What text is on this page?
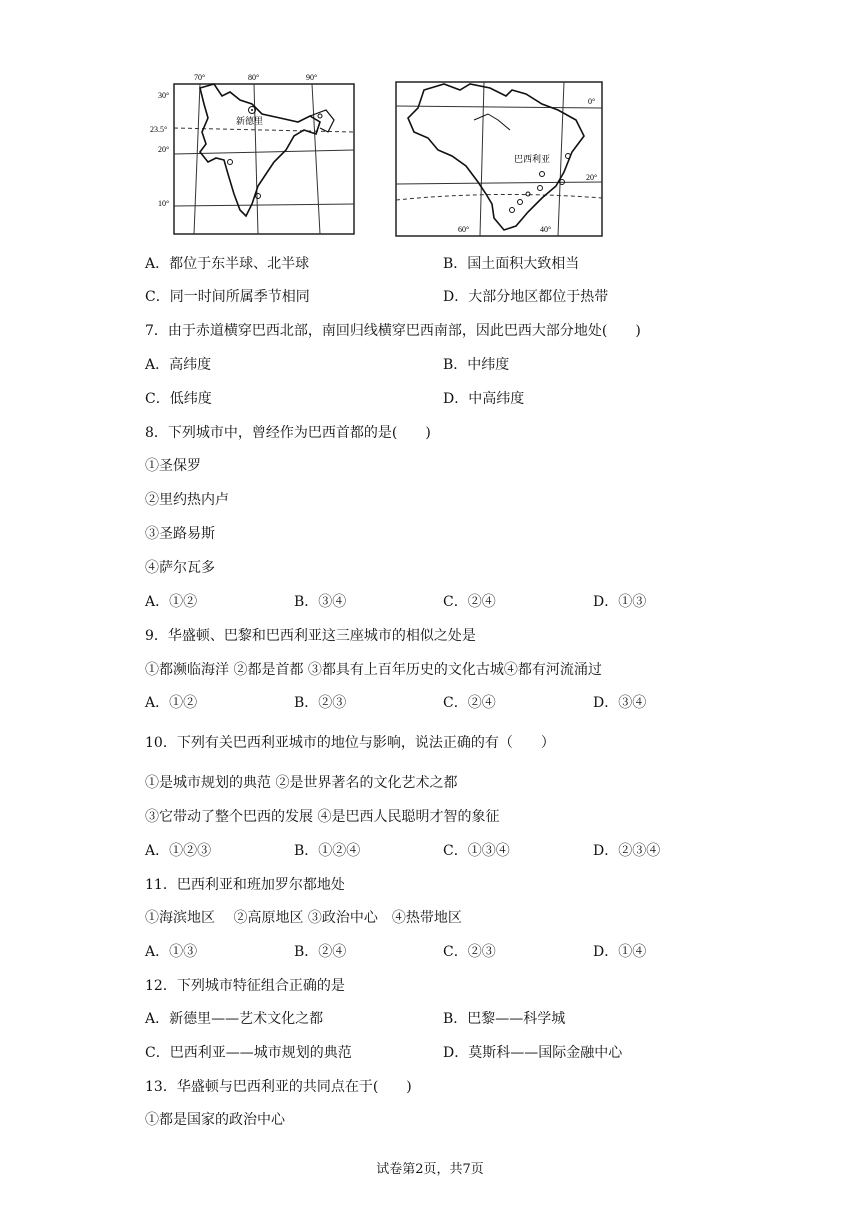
70°	80°	90°
30°
23.5°
20°
10°
新德里
0°
20°
60°	40°
巴西利亚
A．都位于东半球、北半球	B．国土面积大致相当
C．同一时间所属季节相同	D．大部分地区都位于热带
7．由于赤道横穿巴西北部，南回归线横穿巴西南部，因此巴西大部分地处(　　)
A．高纬度	B．中纬度
C．低纬度	D．中高纬度
8．下列城市中，曾经作为巴西首都的是(　　)
①圣保罗
②里约热内卢
③圣路易斯
④萨尔瓦多
A．①②	B．③④	C．②④	D．①③
9．华盛顿、巴黎和巴西利亚这三座城市的相似之处是
①都濒临海洋 ②都是首都 ③都具有上百年历史的文化古城④都有河流涌过
A．①②	B．②③	C．②④	D．③④
10．下列有关巴西利亚城市的地位与影响，说法正确的有（　　）
①是城市规划的典范 ②是世界著名的文化艺术之都
③它带动了整个巴西的发展 ④是巴西人民聪明才智的象征
A．①②③	B．①②④	C．①③④	D．②③④
11．巴西利亚和班加罗尔都地处
①海滨地区　 ②高原地区 ③政治中心　④热带地区
A．①③	B．②④	C．②③	D．①④
12．下列城市特征组合正确的是
A．新德里——艺术文化之都	B．巴黎——科学城
C．巴西利亚——城市规划的典范	D．莫斯科——国际金融中心
13．华盛顿与巴西利亚的共同点在于(　　)
①都是国家的政治中心
试卷第2页，共7页
